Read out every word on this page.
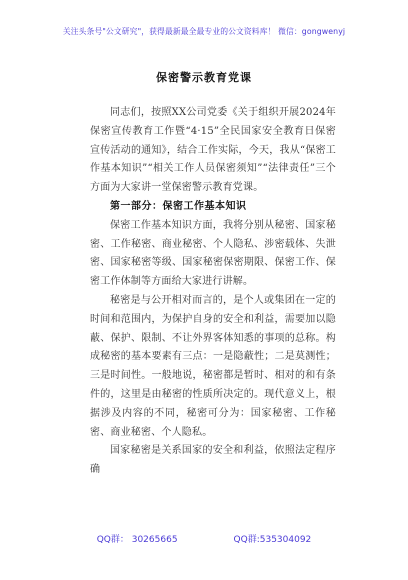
关注头条号"公文研究"，获得最新最全最专业的公文资料库！ 微信：gongwenyj
保密警示教育党课

同志们，按照XX公司党委《关于组织开展2024年保密宣传教育工作暨“4·15”全民国家安全教育日保密宣传活动的通知》，结合工作实际，今天，我从“保密工作基本知识”“相关工作人员保密须知”“法律责任”三个方面为大家讲一堂保密警示教育党课。

第一部分：保密工作基本知识

保密工作基本知识方面，我将分别从秘密、国家秘密、工作秘密、商业秘密、个人隐私、涉密载体、失泄密、国家秘密等级、国家秘密保密期限、保密工作、保密工作体制等方面给大家进行讲解。

秘密是与公开相对而言的，是个人或集团在一定的时间和范围内，为保护自身的安全和利益，需要加以隐蔽、保护、限制、不让外界客体知悉的事项的总称。构成秘密的基本要素有三点：一是隐蔽性；二是莫测性；三是时间性。一般地说，秘密都是暂时、相对的和有条件的，这里是由秘密的性质所决定的。现代意义上，根据涉及内容的不同，秘密可分为：国家秘密、工作秘密、商业秘密、个人隐私。

国家秘密是关系国家的安全和利益，依照法定程序确

QQ群： 30265665	QQ群:535304092
